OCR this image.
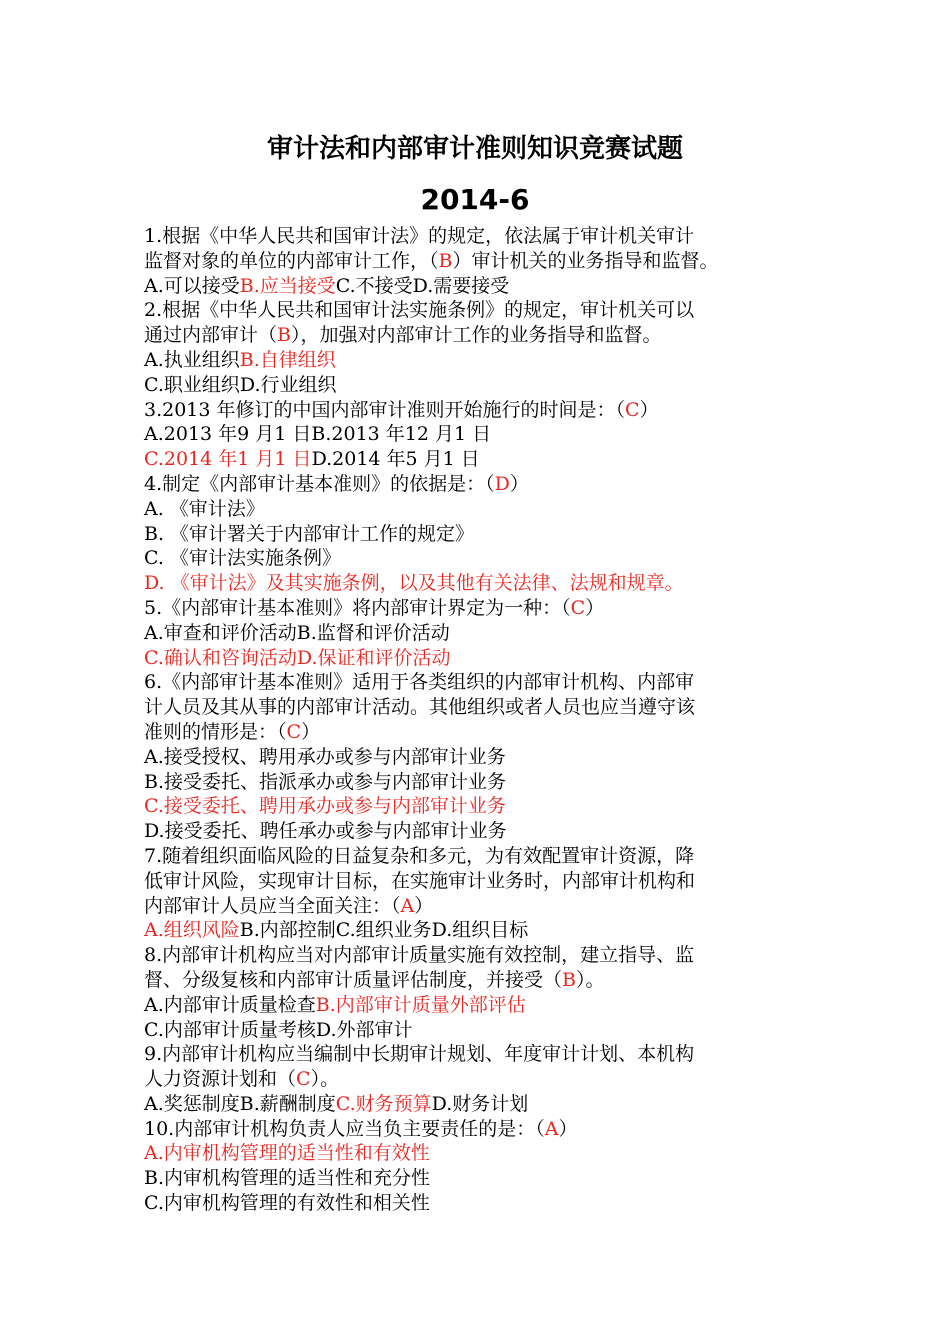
审计法和内部审计准则知识竞赛试题
2014-6
1.根据《中华人民共和国审计法》的规定，依法属于审计机关审计
监督对象的单位的内部审计工作，（B）审计机关的业务指导和监督。
A.可以接受B.应当接受C.不接受D.需要接受
2.根据《中华人民共和国审计法实施条例》的规定，审计机关可以
通过内部审计（B），加强对内部审计工作的业务指导和监督。
A.执业组织B.自律组织
C.职业组织D.行业组织
3.2013 年修订的中国内部审计准则开始施行的时间是：（C）
A.2013 年9 月1 日B.2013 年12 月1 日
C.2014 年1 月1 日D.2014 年5 月1 日
4.制定《内部审计基本准则》的依据是：（D）
A. 《审计法》
B. 《审计署关于内部审计工作的规定》
C. 《审计法实施条例》
D. 《审计法》及其实施条例，以及其他有关法律、法规和规章。
5.《内部审计基本准则》将内部审计界定为一种：（C）
A.审查和评价活动B.监督和评价活动
C.确认和咨询活动D.保证和评价活动
6.《内部审计基本准则》适用于各类组织的内部审计机构、内部审
计人员及其从事的内部审计活动。其他组织或者人员也应当遵守该
准则的情形是：（C）
A.接受授权、聘用承办或参与内部审计业务
B.接受委托、指派承办或参与内部审计业务
C.接受委托、聘用承办或参与内部审计业务
D.接受委托、聘任承办或参与内部审计业务
7.随着组织面临风险的日益复杂和多元，为有效配置审计资源，降
低审计风险，实现审计目标，在实施审计业务时，内部审计机构和
内部审计人员应当全面关注：（A）
A.组织风险B.内部控制C.组织业务D.组织目标
8.内部审计机构应当对内部审计质量实施有效控制，建立指导、监
督、分级复核和内部审计质量评估制度，并接受（B）。
A.内部审计质量检查B.内部审计质量外部评估
C.内部审计质量考核D.外部审计
9.内部审计机构应当编制中长期审计规划、年度审计计划、本机构
人力资源计划和（C）。
A.奖惩制度B.薪酬制度C.财务预算D.财务计划
10.内部审计机构负责人应当负主要责任的是：（A）
A.内审机构管理的适当性和有效性
B.内审机构管理的适当性和充分性
C.内审机构管理的有效性和相关性
